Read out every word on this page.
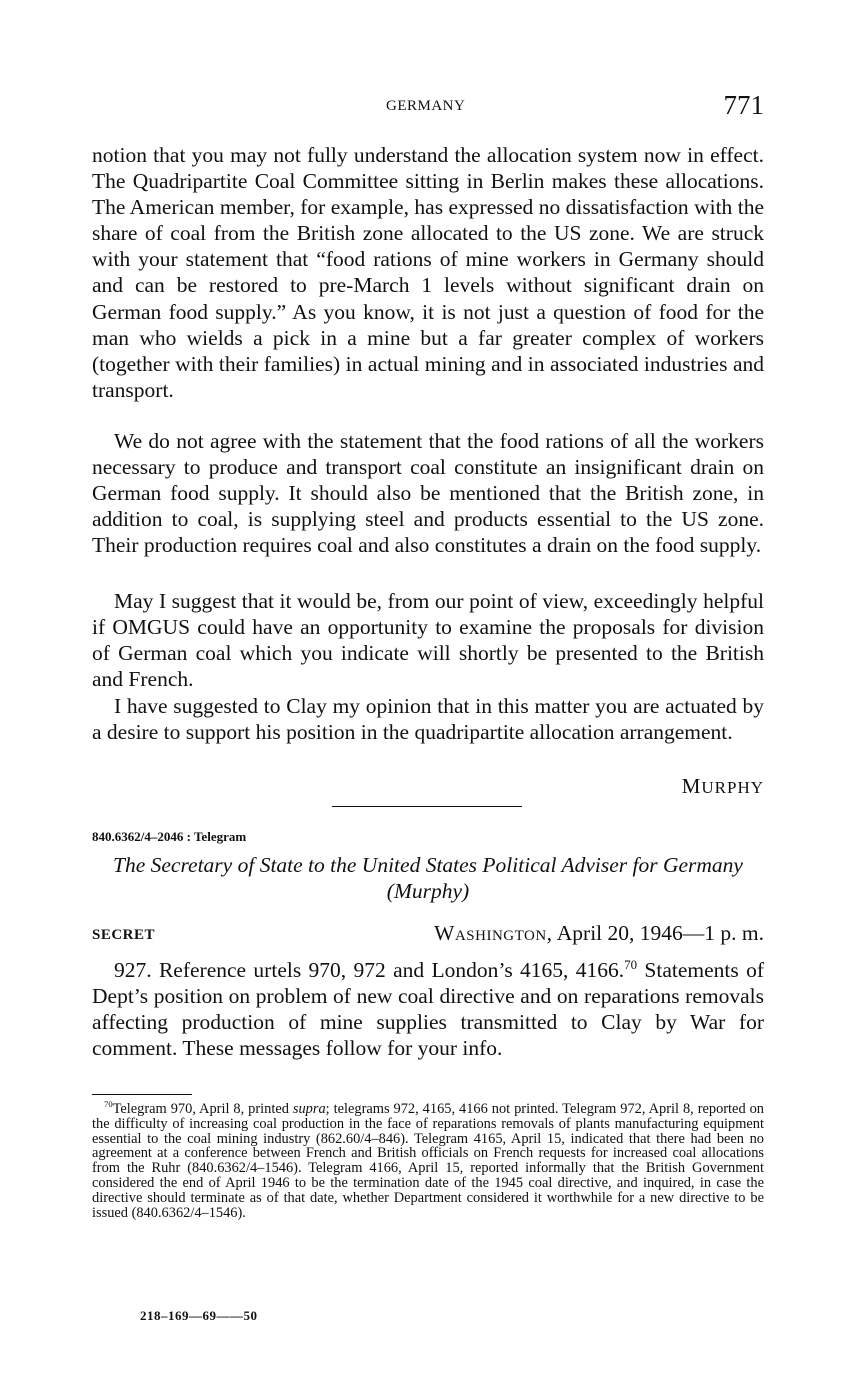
GERMANY	771

notion that you may not fully understand the allocation system now in effect. The Quadripartite Coal Committee sitting in Berlin makes these allocations. The American member, for example, has expressed no dissatisfaction with the share of coal from the British zone allocated to the US zone. We are struck with your statement that “food rations of mine workers in Germany should and can be restored to pre-March 1 levels without significant drain on German food supply.” As you know, it is not just a question of food for the man who wields a pick in a mine but a far greater complex of workers (together with their families) in actual mining and in associated industries and transport.

We do not agree with the statement that the food rations of all the workers necessary to produce and transport coal constitute an insignificant drain on German food supply. It should also be mentioned that the British zone, in addition to coal, is supplying steel and products essential to the US zone. Their production requires coal and also constitutes a drain on the food supply.

May I suggest that it would be, from our point of view, exceedingly helpful if OMGUS could have an opportunity to examine the proposals for division of German coal which you indicate will shortly be presented to the British and French.

I have suggested to Clay my opinion that in this matter you are actuated by a desire to support his position in the quadripartite allocation arrangement.

MURPHY
840.6362/4–2046 : Telegram
The Secretary of State to the United States Political Adviser for Germany (Murphy)
SECRET	Washington, April 20, 1946—1 p. m.

927. Reference urtels 970, 972 and London’s 4165, 4166.70 Statements of Dept’s position on problem of new coal directive and on reparations removals affecting production of mine supplies transmitted to Clay by War for comment. These messages follow for your info.

$^{70}$Telegram 970, April 8, printed supra; telegrams 972, 4165, 4166 not printed. Telegram 972, April 8, reported on the difficulty of increasing coal production in the face of reparations removals of plants manufacturing equipment essential to the coal mining industry (862.60/4–846). Telegram 4165, April 15, indicated that there had been no agreement at a conference between French and British officials on French requests for increased coal allocations from the Ruhr (840.6362/4–1546). Telegram 4166, April 15, reported informally that the British Government considered the end of April 1946 to be the termination date of the 1945 coal directive, and inquired, in case the directive should terminate as of that date, whether Department considered it worthwhile for a new directive to be issued (840.6362/4–1546).

218–169—69——50
